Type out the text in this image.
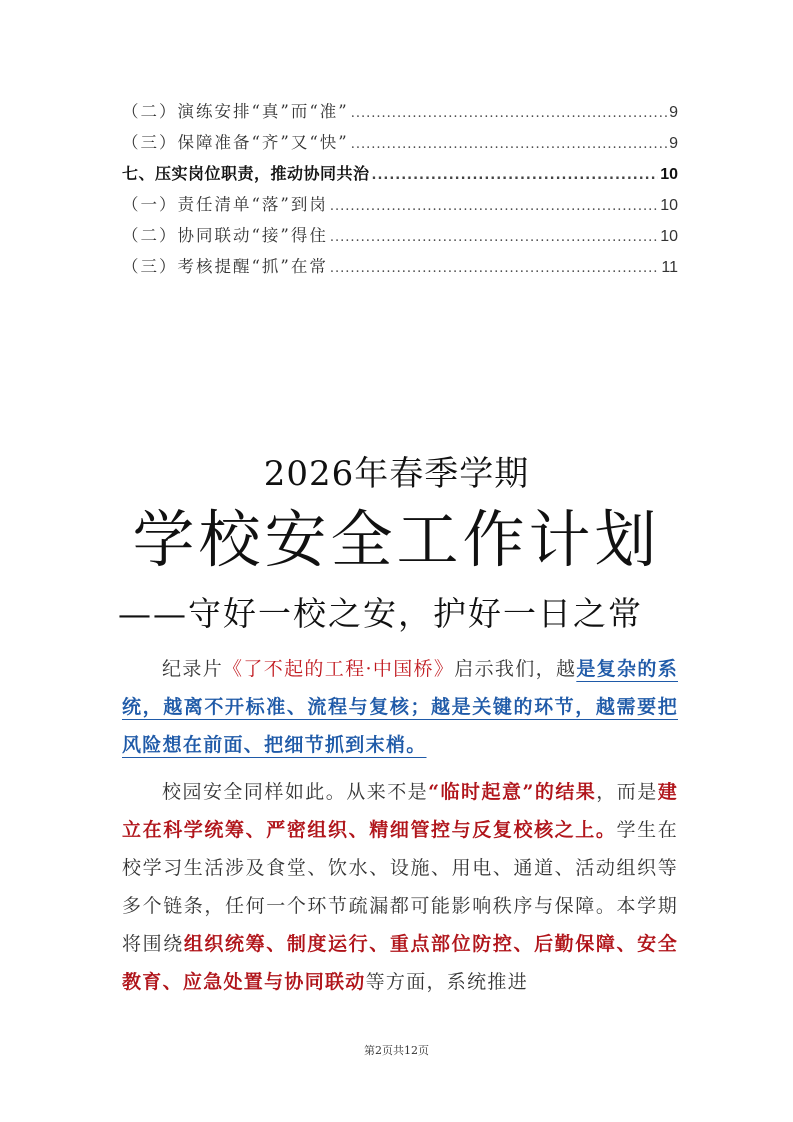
（二）演练安排“真”而“准” .....	9
（三）保障准备“齐”又“快” .....	9
七、压实岗位职责，推动协同共治 .....	10
（一）责任清单“落”到岗 .....	10
（二）协同联动“接”得住 .....	10
（三）考核提醒“抓”在常 .....	11
2026年春季学期
学校安全工作计划
——守好一校之安，护好一日之常

纪录片《了不起的工程·中国桥》启示我们，越是复杂的系统，越离不开标准、流程与复核；越是关键的环节，越需要把风险想在前面、把细节抓到末梢。

校园安全同样如此。从来不是“临时起意”的结果，而是建立在科学统筹、严密组织、精细管控与反复校核之上。学生在校学习生活涉及食堂、饮水、设施、用电、通道、活动组织等多个链条，任何一个环节疏漏都可能影响秩序与保障。本学期将围绕组织统筹、制度运行、重点部位防控、后勤保障、安全教育、应急处置与协同联动等方面，系统推进

第2页共12页
